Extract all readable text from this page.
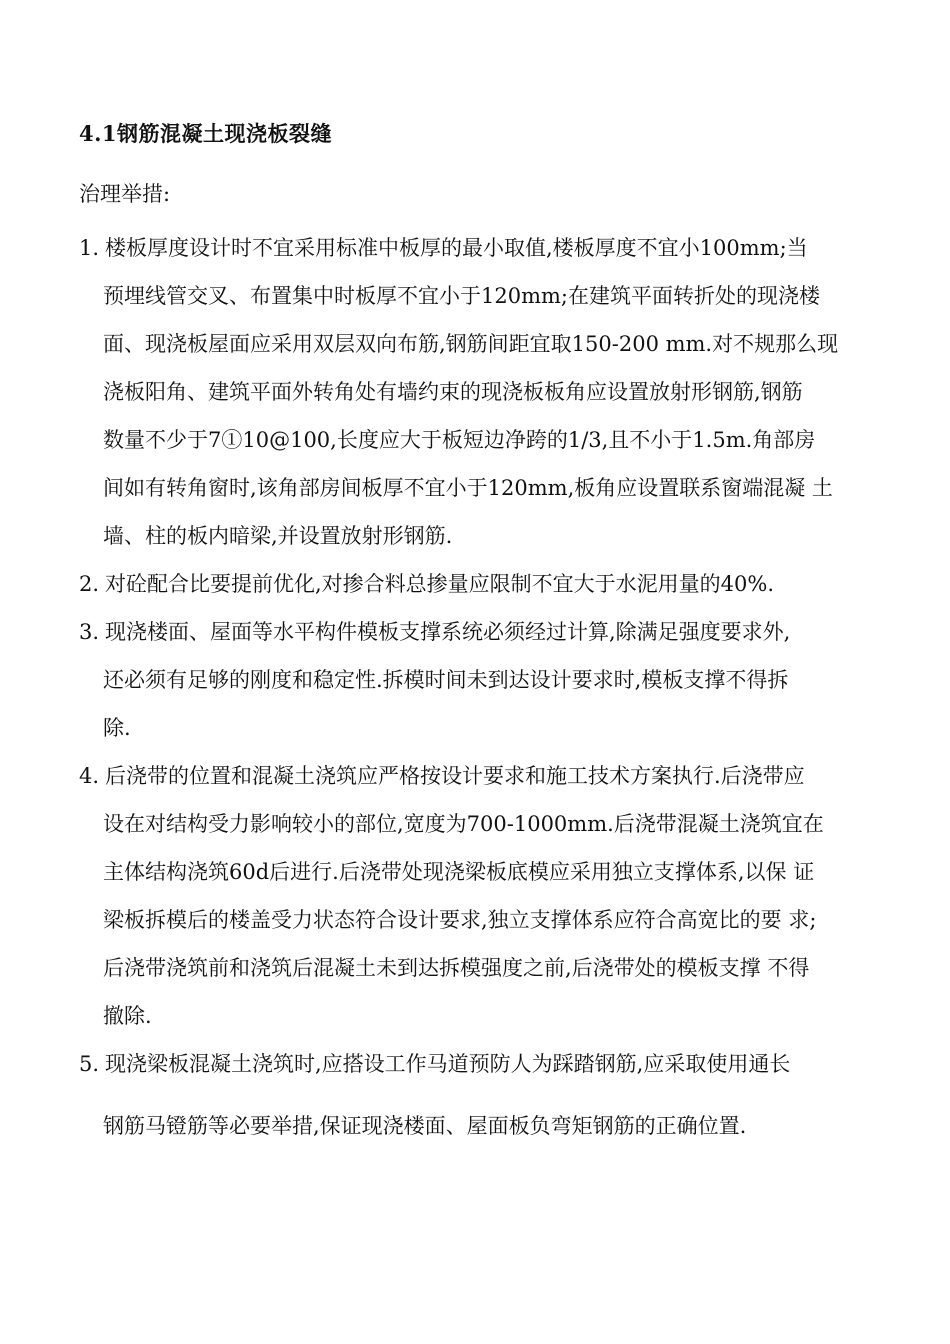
4.1钢筋混凝土现浇板裂缝
治理举措:
1. 楼板厚度设计时不宜采用标准中板厚的最小取值,楼板厚度不宜小100mm;当
预埋线管交叉、布置集中时板厚不宜小于120mm;在建筑平面转折处的现浇楼
面、现浇板屋面应采用双层双向布筋,钢筋间距宜取150-200 mm.对不规那么现
浇板阳角、建筑平面外转角处有墙约束的现浇板板角应设置放射形钢筋,钢筋
数量不少于7①10@100,长度应大于板短边净跨的1/3,且不小于1.5m.角部房
间如有转角窗时,该角部房间板厚不宜小于120mm,板角应设置联系窗端混凝 土
墙、柱的板内暗梁,并设置放射形钢筋.
2. 对砼配合比要提前优化,对掺合料总掺量应限制不宜大于水泥用量的40%.
3. 现浇楼面、屋面等水平构件模板支撑系统必须经过计算,除满足强度要求外,
还必须有足够的刚度和稳定性.拆模时间未到达设计要求时,模板支撑不得拆
除.
4. 后浇带的位置和混凝土浇筑应严格按设计要求和施工技术方案执行.后浇带应
设在对结构受力影响较小的部位,宽度为700-1000mm.后浇带混凝土浇筑宜在
主体结构浇筑60d后进行.后浇带处现浇梁板底模应采用独立支撑体系,以保 证
梁板拆模后的楼盖受力状态符合设计要求,独立支撑体系应符合高宽比的要 求;
后浇带浇筑前和浇筑后混凝土未到达拆模强度之前,后浇带处的模板支撑 不得
撤除.
5. 现浇梁板混凝土浇筑时,应搭设工作马道预防人为踩踏钢筋,应采取使用通长
钢筋马镫筋等必要举措,保证现浇楼面、屋面板负弯矩钢筋的正确位置.
